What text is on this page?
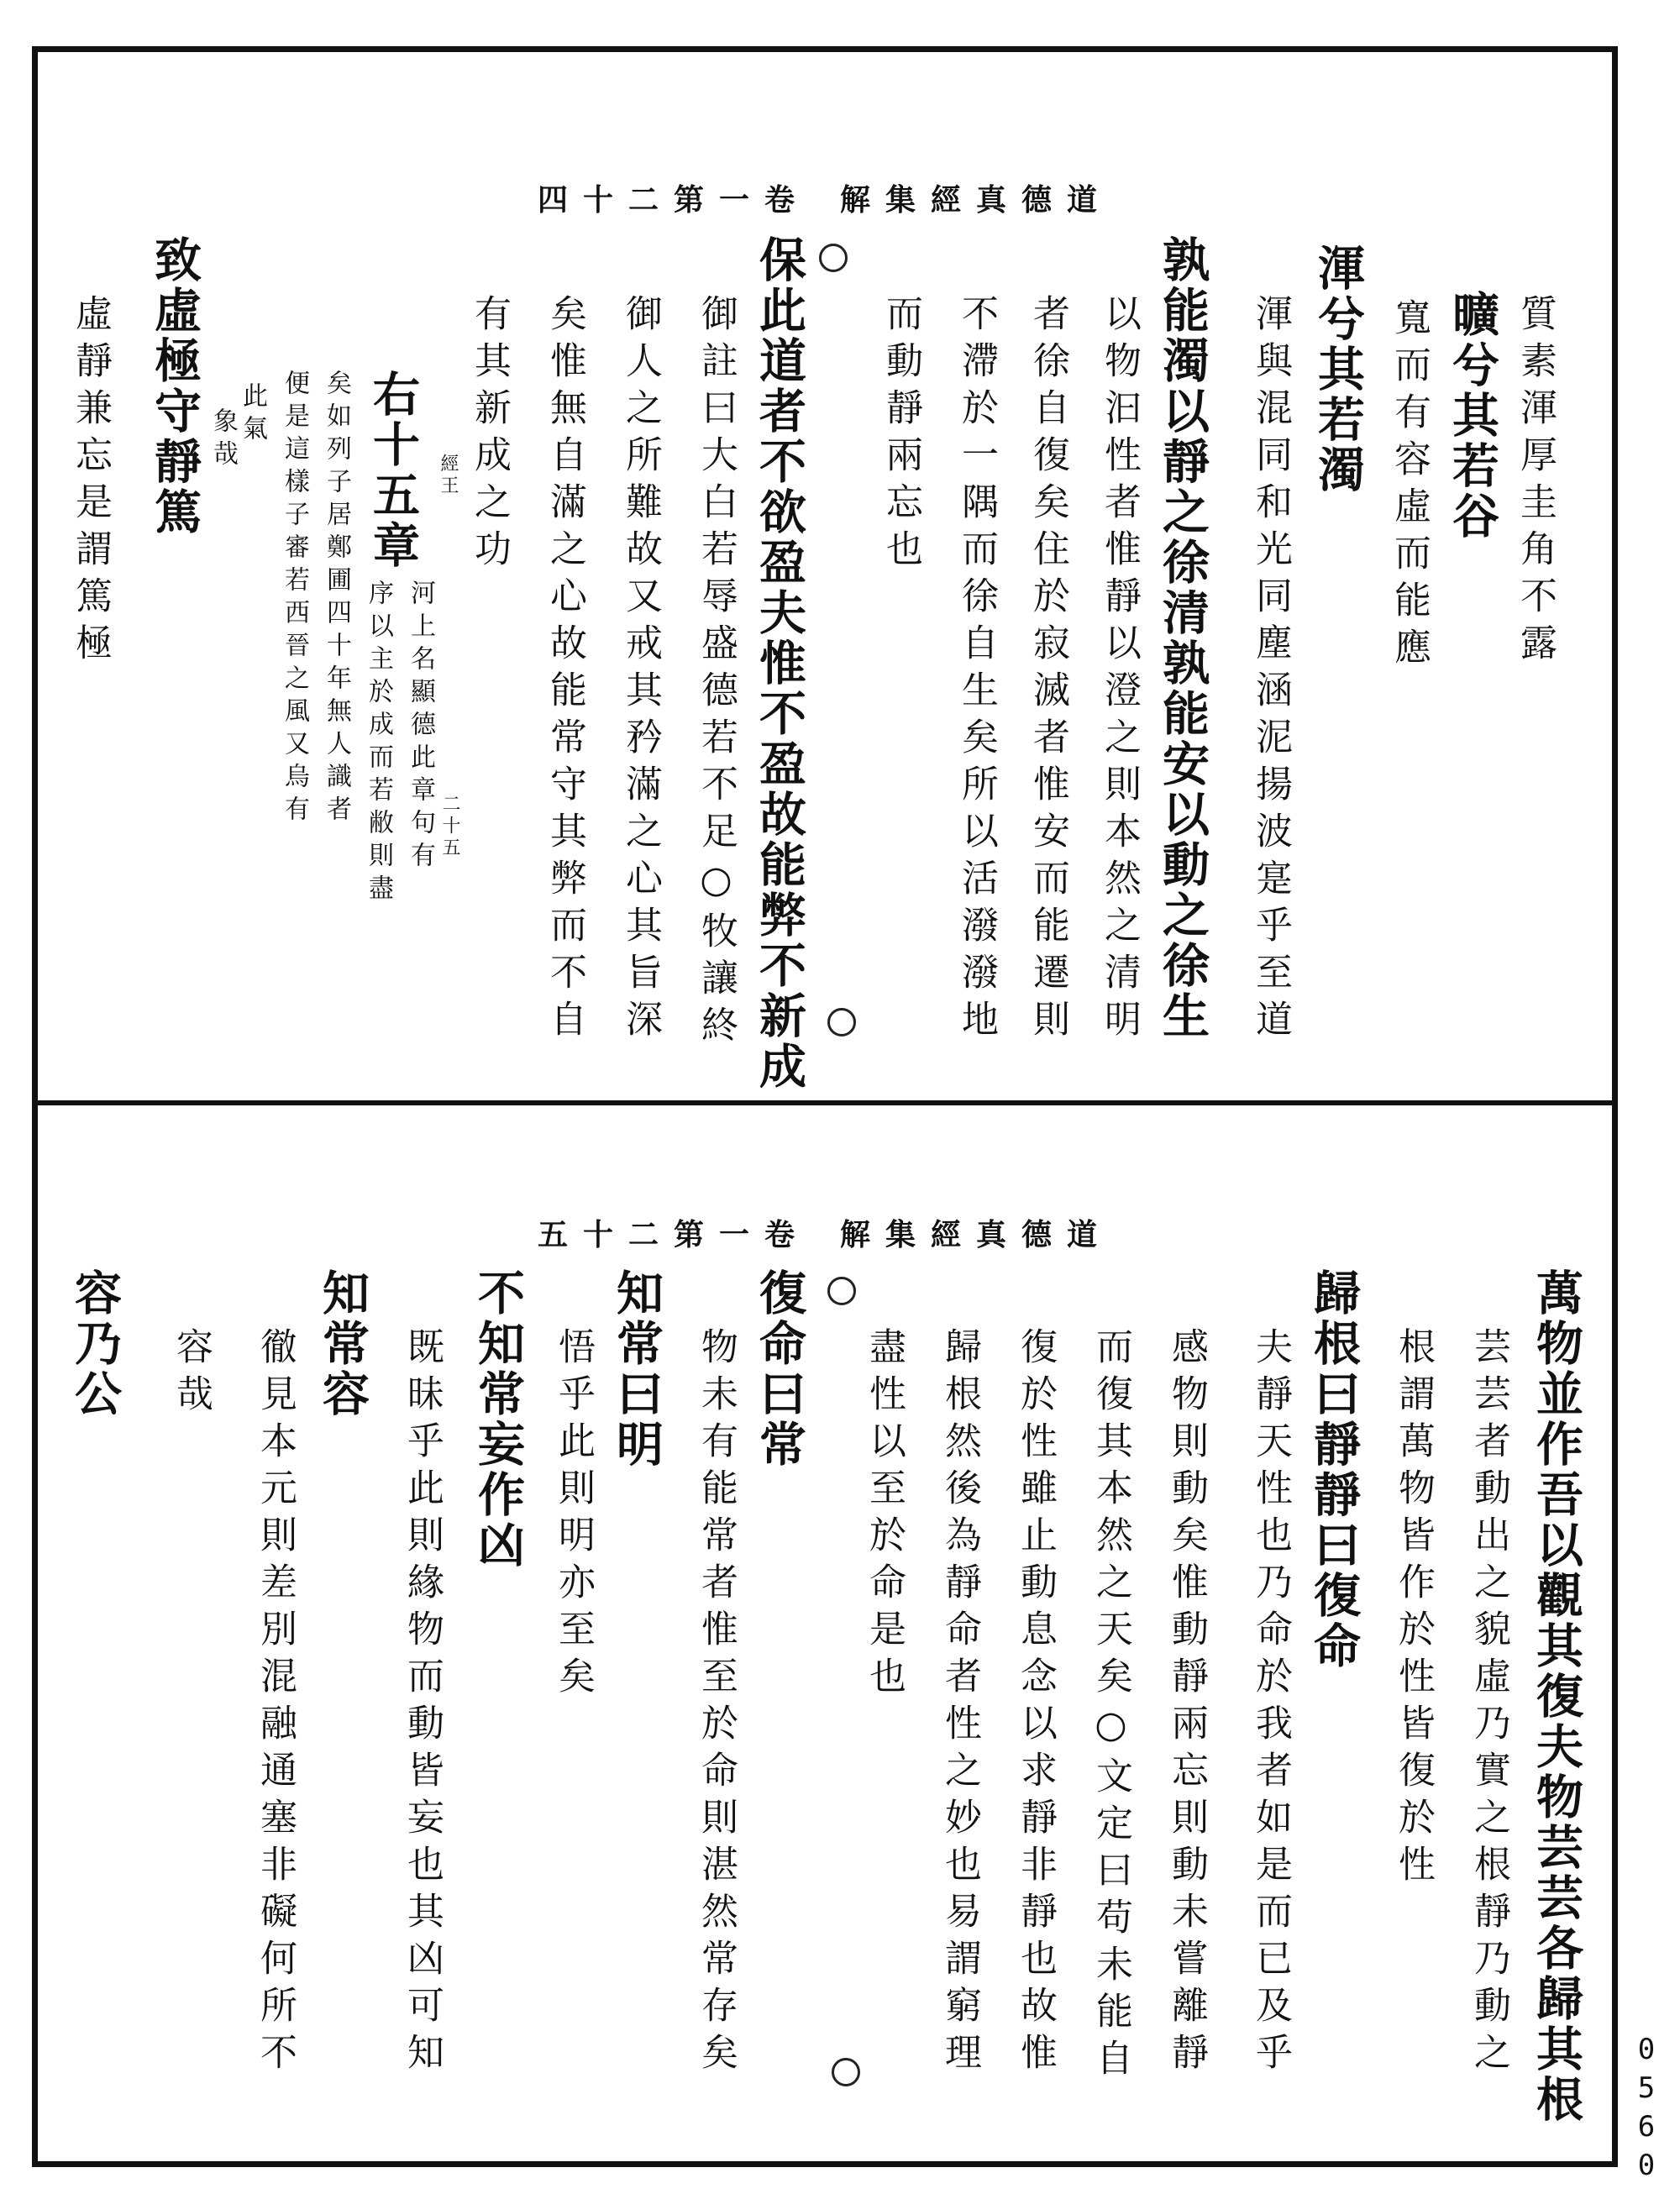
四十二第一卷 解集經真德道
五十二第一卷 解集經真德道
質素渾厚圭角不露
曠兮其若谷
寬而有容虛而能應
渾兮其若濁
渾與混同和光同塵涵泥揚波寔乎至道
孰能濁以靜之徐清孰能安以動之徐生
以物汩性者惟靜以澄之則本然之清明
者徐自復矣住於寂滅者惟安而能遷則
不滯於一隅而徐自生矣所以活潑潑地
而動靜兩忘也
保此道者不欲盈夫惟不盈故能弊不新成
御註曰大白若辱盛德若不足○牧讓終
御人之所難故又戒其矜滿之心其旨深
矣惟無自滿之心故能常守其弊而不自
有其新成之功
右十五章 經王
河上名顯德此章句有
序以主於成而若敝則盡
矣如列子居鄭圃四十年無人識者
便是這樣子審若西晉之風又烏有
此氣
象哉
致虛極守靜篤
虛靜兼忘是謂篤極
二十五
萬物並作吾以觀其復夫物芸芸各歸其根
芸芸者動出之貌虛乃實之根靜乃動之
根謂萬物皆作於性皆復於性
歸根曰靜靜曰復命
夫靜天性也乃命於我者如是而已及乎
感物則動矣惟動靜兩忘則動未嘗離靜
而復其本然之天矣○文定曰苟未能自
復於性雖止動息念以求靜非靜也故惟
歸根然後為靜命者性之妙也易謂窮理
盡性以至於命是也
復命曰常
物未有能常者惟至於命則湛然常存矣
知常曰明
悟乎此則明亦至矣
不知常妄作凶
既昧乎此則緣物而動皆妄也其凶可知
知常容
徹見本元則差別混融通塞非礙何所不
容哉
容乃公
0560
